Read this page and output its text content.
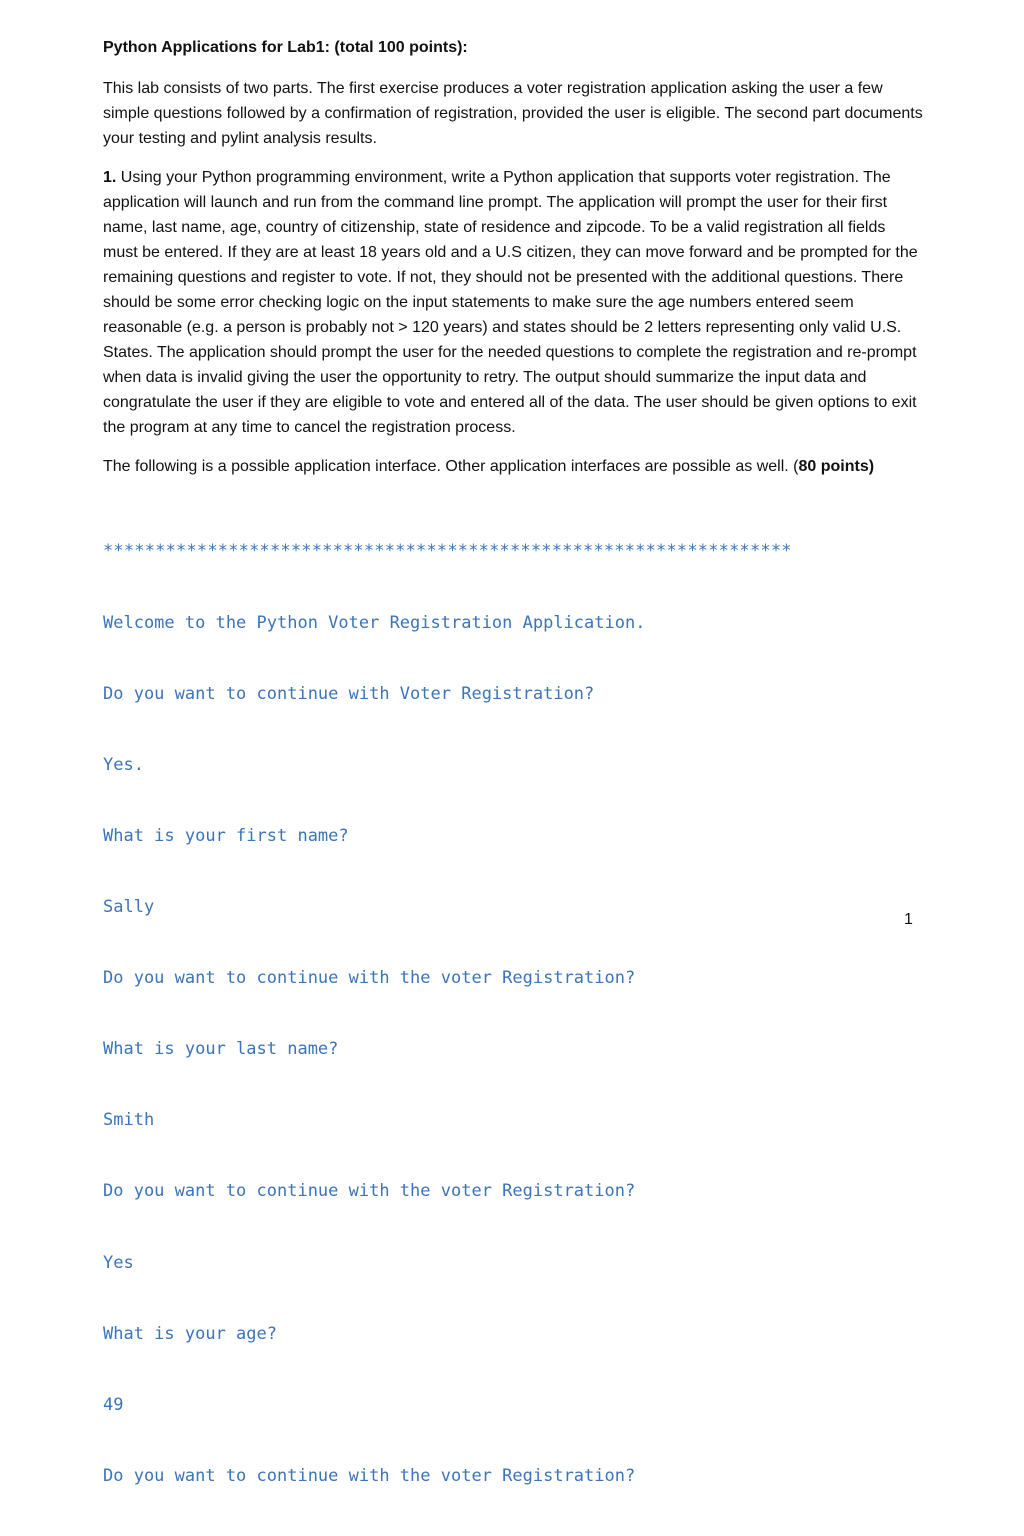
Python Applications for Lab1: (total 100 points):

This lab consists of two parts. The first exercise produces a voter registration application asking the user a few simple questions followed by a confirmation of registration, provided the user is eligible. The second part documents your testing and pylint analysis results.

1. Using your Python programming environment, write a Python application that supports voter registration. The application will launch and run from the command line prompt. The application will prompt the user for their first name, last name, age, country of citizenship, state of residence and zipcode. To be a valid registration all fields must be entered. If they are at least 18 years old and a U.S citizen, they can move forward and be prompted for the remaining questions and register to vote. If not, they should not be presented with the additional questions. There should be some error checking logic on the input statements to make sure the age numbers entered seem reasonable (e.g. a person is probably not > 120 years) and states should be 2 letters representing only valid U.S. States. The application should prompt the user for the needed questions to complete the registration and re-prompt when data is invalid giving the user the opportunity to retry. The output should summarize the input data and congratulate the user if they are eligible to vote and entered all of the data. The user should be given options to exit the program at any time to cancel the registration process.

The following is a possible application interface. Other application interfaces are possible as well. (80 points)

******************************************************************

Welcome to the Python Voter Registration Application.

Do you want to continue with Voter Registration?

Yes.

What is your first name?

Sally

Do you want to continue with the voter Registration?

What is your last name?

Smith

Do you want to continue with the voter Registration?

Yes

What is your age?

49

Do you want to continue with the voter Registration?

1
